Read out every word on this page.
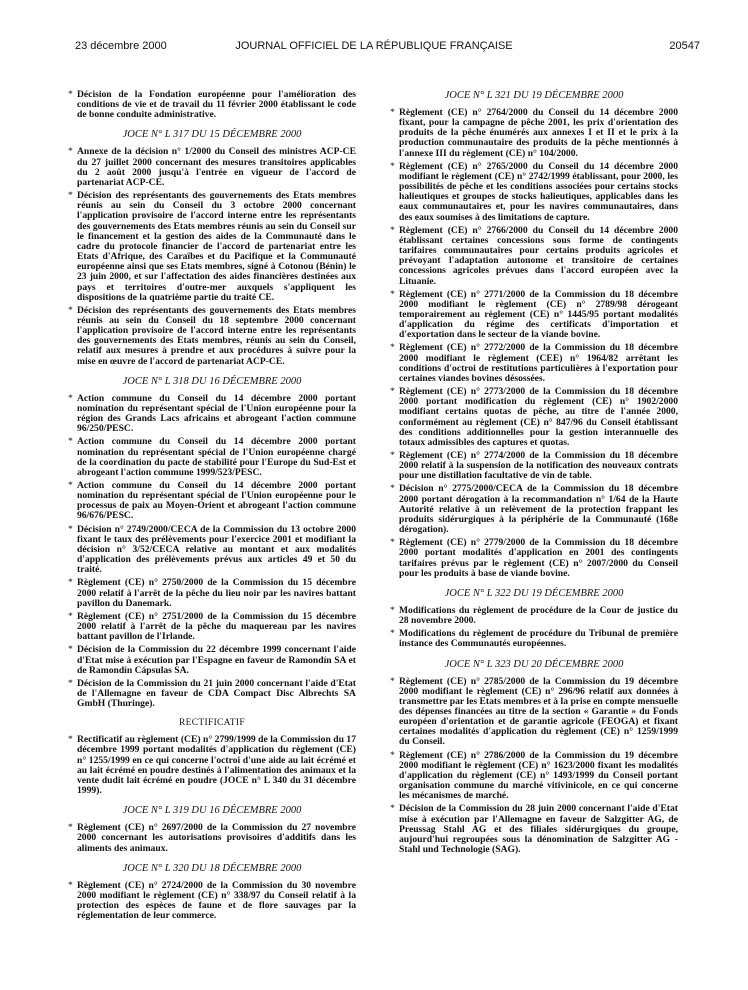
23 décembre 2000	JOURNAL OFFICIEL DE LA RÉPUBLIQUE FRANÇAISE	20547
* Décision de la Fondation européenne pour l'amélioration des conditions de vie et de travail du 11 février 2000 établissant le code de bonne conduite administrative.
JOCE N° L 317 DU 15 DÉCEMBRE 2000
* Annexe de la décision n° 1/2000 du Conseil des ministres ACP-CE du 27 juillet 2000 concernant des mesures transitoires applicables du 2 août 2000 jusqu'à l'entrée en vigueur de l'accord de partenariat ACP-CE.
* Décision des représentants des gouvernements des Etats membres réunis au sein du Conseil du 3 octobre 2000 concernant l'application provisoire de l'accord interne entre les représentants des gouvernements des Etats membres réunis au sein du Conseil sur le financement et la gestion des aides de la Communauté dans le cadre du protocole financier de l'accord de partenariat entre les Etats d'Afrique, des Caraïbes et du Pacifique et la Communauté européenne ainsi que ses Etats membres, signé à Cotonou (Bénin) le 23 juin 2000, et sur l'affectation des aides financières destinées aux pays et territoires d'outre-mer auxquels s'appliquent les dispositions de la quatrième partie du traité CE.
* Décision des représentants des gouvernements des Etats membres réunis au sein du Conseil du 18 septembre 2000 concernant l'application provisoire de l'accord interne entre les représentants des gouvernements des Etats membres, réunis au sein du Conseil, relatif aux mesures à prendre et aux procédures à suivre pour la mise en œuvre de l'accord de partenariat ACP-CE.
JOCE N° L 318 DU 16 DÉCEMBRE 2000
* Action commune du Conseil du 14 décembre 2000 portant nomination du représentant spécial de l'Union européenne pour la région des Grands Lacs africains et abrogeant l'action commune 96/250/PESC.
* Action commune du Conseil du 14 décembre 2000 portant nomination du représentant spécial de l'Union européenne chargé de la coordination du pacte de stabilité pour l'Europe du Sud-Est et abrogeant l'action commune 1999/523/PESC.
* Action commune du Conseil du 14 décembre 2000 portant nomination du représentant spécial de l'Union européenne pour le processus de paix au Moyen-Orient et abrogeant l'action commune 96/676/PESC.
* Décision n° 2749/2000/CECA de la Commission du 13 octobre 2000 fixant le taux des prélèvements pour l'exercice 2001 et modifiant la décision n° 3/52/CECA relative au montant et aux modalités d'application des prélèvements prévus aux articles 49 et 50 du traité.
* Règlement (CE) n° 2750/2000 de la Commission du 15 décembre 2000 relatif à l'arrêt de la pêche du lieu noir par les navires battant pavillon du Danemark.
* Règlement (CE) n° 2751/2000 de la Commission du 15 décembre 2000 relatif à l'arrêt de la pêche du maquereau par les navires battant pavillon de l'Irlande.
* Décision de la Commission du 22 décembre 1999 concernant l'aide d'Etat mise à exécution par l'Espagne en faveur de Ramondín SA et de Ramondín Cápsulas SA.
* Décision de la Commission du 21 juin 2000 concernant l'aide d'Etat de l'Allemagne en faveur de CDA Compact Disc Albrechts SA GmbH (Thuringe).
RECTIFICATIF
* Rectificatif au règlement (CE) n° 2799/1999 de la Commission du 17 décembre 1999 portant modalités d'application du règlement (CE) n° 1255/1999 en ce qui concerne l'octroi d'une aide au lait écrémé et au lait écrémé en poudre destinés à l'alimentation des animaux et la vente dudit lait écrémé en poudre (JOCE n° L 340 du 31 décembre 1999).
JOCE N° L 319 DU 16 DÉCEMBRE 2000
* Règlement (CE) n° 2697/2000 de la Commission du 27 novembre 2000 concernant les autorisations provisoires d'additifs dans les aliments des animaux.
JOCE N° L 320 DU 18 DÉCEMBRE 2000
* Règlement (CE) n° 2724/2000 de la Commission du 30 novembre 2000 modifiant le règlement (CE) n° 338/97 du Conseil relatif à la protection des espèces de faune et de flore sauvages par la réglementation de leur commerce.
JOCE N° L 321 DU 19 DÉCEMBRE 2000
* Règlement (CE) n° 2764/2000 du Conseil du 14 décembre 2000 fixant, pour la campagne de pêche 2001, les prix d'orientation des produits de la pêche énumérés aux annexes I et II et le prix à la production communautaire des produits de la pêche mentionnés à l'annexe III du règlement (CE) n° 104/2000.
* Règlement (CE) n° 2765/2000 du Conseil du 14 décembre 2000 modifiant le règlement (CE) n° 2742/1999 établissant, pour 2000, les possibilités de pêche et les conditions associées pour certains stocks halieutiques et groupes de stocks halieutiques, applicables dans les eaux communautaires et, pour les navires communautaires, dans des eaux soumises à des limitations de capture.
* Règlement (CE) n° 2766/2000 du Conseil du 14 décembre 2000 établissant certaines concessions sous forme de contingents tarifaires communautaires pour certains produits agricoles et prévoyant l'adaptation autonome et transitoire de certaines concessions agricoles prévues dans l'accord européen avec la Lituanie.
* Règlement (CE) n° 2771/2000 de la Commission du 18 décembre 2000 modifiant le règlement (CE) n° 2789/98 dérogeant temporairement au règlement (CE) n° 1445/95 portant modalités d'application du régime des certificats d'importation et d'exportation dans le secteur de la viande bovine.
* Règlement (CE) n° 2772/2000 de la Commission du 18 décembre 2000 modifiant le règlement (CEE) n° 1964/82 arrêtant les conditions d'octroi de restitutions particulières à l'exportation pour certaines viandes bovines désossées.
* Règlement (CE) n° 2773/2000 de la Commission du 18 décembre 2000 portant modification du règlement (CE) n° 1902/2000 modifiant certains quotas de pêche, au titre de l'année 2000, conformément au règlement (CE) n° 847/96 du Conseil établissant des conditions additionnelles pour la gestion interannuelle des totaux admissibles des captures et quotas.
* Règlement (CE) n° 2774/2000 de la Commission du 18 décembre 2000 relatif à la suspension de la notification des nouveaux contrats pour une distillation facultative de vin de table.
* Décision n° 2775/2000/CECA de la Commission du 18 décembre 2000 portant dérogation à la recommandation n° 1/64 de la Haute Autorité relative à un relèvement de la protection frappant les produits sidérurgiques à la périphérie de la Communauté (168e dérogation).
* Règlement (CE) n° 2779/2000 de la Commission du 18 décembre 2000 portant modalités d'application en 2001 des contingents tarifaires prévus par le règlement (CE) n° 2007/2000 du Conseil pour les produits à base de viande bovine.
JOCE N° L 322 DU 19 DÉCEMBRE 2000
* Modifications du règlement de procédure de la Cour de justice du 28 novembre 2000.
* Modifications du règlement de procédure du Tribunal de première instance des Communautés européennes.
JOCE N° L 323 DU 20 DÉCEMBRE 2000
* Règlement (CE) n° 2785/2000 de la Commission du 19 décembre 2000 modifiant le règlement (CE) n° 296/96 relatif aux données à transmettre par les Etats membres et à la prise en compte mensuelle des dépenses financées au titre de la section « Garantie » du Fonds européen d'orientation et de garantie agricole (FEOGA) et fixant certaines modalités d'application du règlement (CE) n° 1259/1999 du Conseil.
* Règlement (CE) n° 2786/2000 de la Commission du 19 décembre 2000 modifiant le règlement (CE) n° 1623/2000 fixant les modalités d'application du règlement (CE) n° 1493/1999 du Conseil portant organisation commune du marché vitivinicole, en ce qui concerne les mécanismes de marché.
* Décision de la Commission du 28 juin 2000 concernant l'aide d'Etat mise à exécution par l'Allemagne en faveur de Salzgitter AG, de Preussag Stahl AG et des filiales sidérurgiques du groupe, aujourd'hui regroupées sous la dénomination de Salzgitter AG - Stahl und Technologie (SAG).
